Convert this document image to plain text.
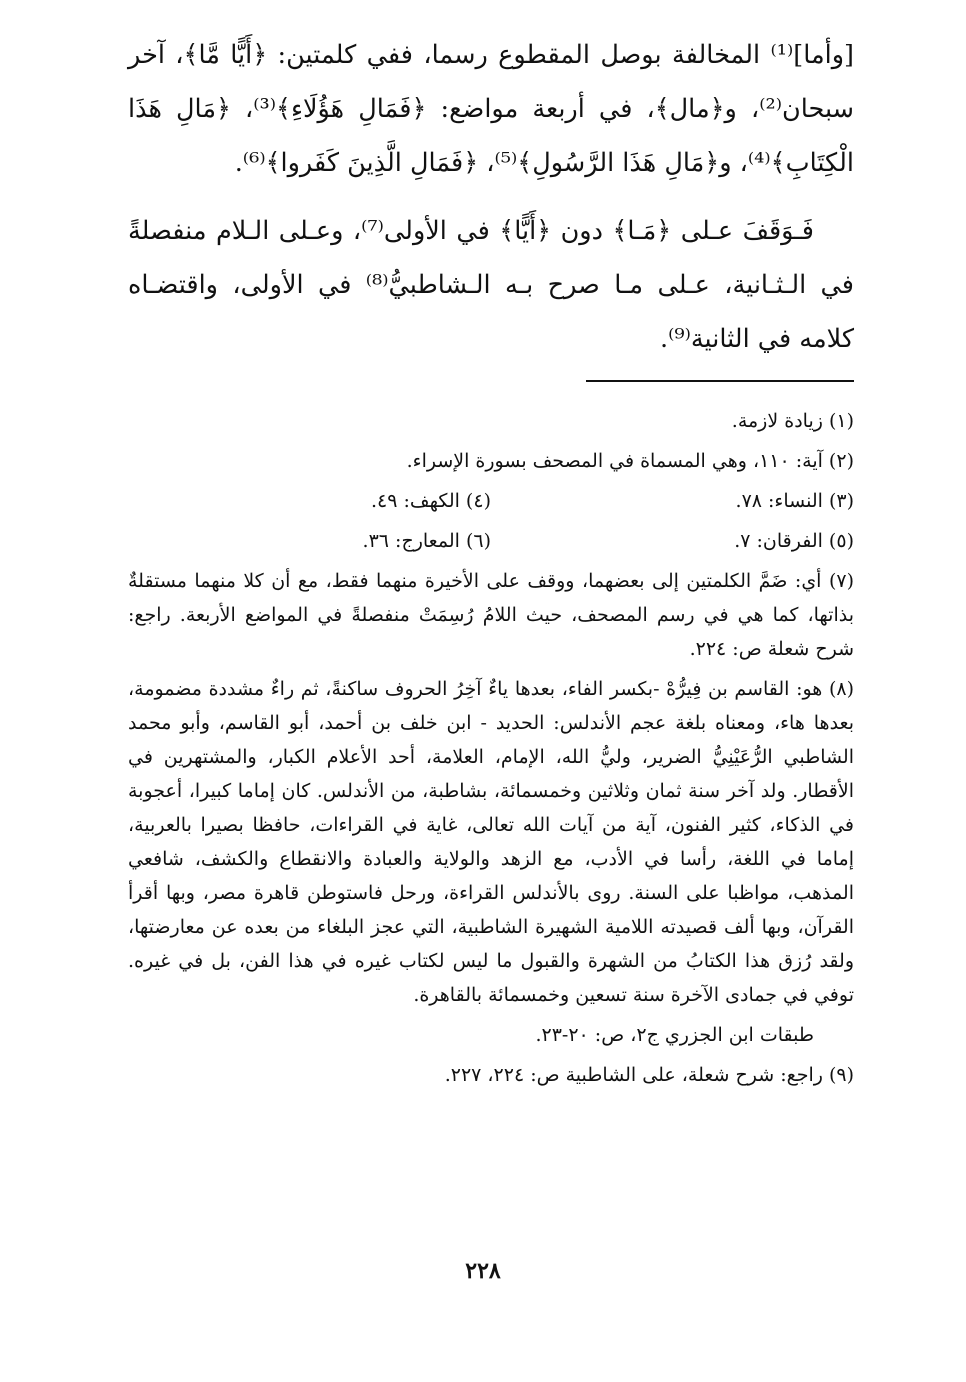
[وأما]⁽¹⁾ المخالفة بوصل المقطوع رسما، ففي كلمتين: ﴿أَيًّا مَّا﴾، آخر سبحان⁽²⁾، و﴿مال﴾، في أربعة مواضع: ﴿فَمَالِ هَؤُلَاءِ﴾⁽³⁾، ﴿مَالِ هَذَا الْكِتَابِ﴾⁽⁴⁾، و﴿مَالِ هَذَا الرَّسُولِ﴾⁽⁵⁾، ﴿فَمَالِ الَّذِينَ كَفَروا﴾⁽⁶⁾.

فَـوَقَفَ عـلى ﴿مَـا﴾ دون ﴿أَيًّا﴾ في الأولى⁽⁷⁾، وعـلى الـلام منفصلةً في الـثـانية، عـلى مـا صرح بـه الـشاطبيُّ⁽⁸⁾ في الأولى، واقتضـاه كلامه في الثانية⁽⁹⁾.

(١) زيادة لازمة.
(٢) آية: ١١٠، وهي المسماة في المصحف بسورة الإسراء.
(٣) النساء: ٧٨.
(٤) الكهف: ٤٩.
(٥) الفرقان: ٧.
(٦) المعارج: ٣٦.
(٧) أي: ضَمَّ الكلمتين إلى بعضهما، ووقف على الأخيرة منهما فقط، مع أن كلا منهما مستقلةٌ بذاتها، كما هي في رسم المصحف، حيث اللامُ رُسِمَتْ منفصلةً في المواضع الأربعة. راجع: شرح شعلة ص: ٢٢٤.
(٨) هو: القاسم بن فِيرُّهْ -بكسر الفاء، بعدها ياءٌ آخِرُ الحروف ساكنةً، ثم راءٌ مشددة مضمومة، بعدها هاء، ومعناه بلغة عجم الأندلس: الحديد - ابن خلف بن أحمد، أبو القاسم، وأبو محمد الشاطبي الرُّعَيْنِيُّ الضرير، وليُّ الله، الإمام، العلامة، أحد الأعلام الكبار، والمشتهرين في الأقطار. ولد آخر سنة ثمان وثلاثين وخمسمائة، بشاطبة، من الأندلس. كان إماما كبيرا، أعجوبة في الذكاء، كثير الفنون، آية من آيات الله تعالى، غاية في القراءات، حافظا بصيرا بالعربية، إماما في اللغة، رأسا في الأدب، مع الزهد والولاية والعبادة والانقطاع والكشف، شافعي المذهب، مواظبا على السنة. روى بالأندلس القراءة، ورحل فاستوطن قاهرة مصر، وبها أقرأ القرآن، وبها ألف قصيدته اللامية الشهيرة الشاطبية، التي عجز البلغاء من بعده عن معارضتها، ولقد رُزق هذا الكتابُ من الشهرة والقبول ما ليس لكتاب غيره في هذا الفن، بل في غيره. توفي في جمادى الآخرة سنة تسعين وخمسمائة بالقاهرة.
طبقات ابن الجزري ج٢، ص: ٢٠-٢٣.
(٩) راجع: شرح شعلة، على الشاطبية ص: ٢٢٤، ٢٢٧.
٢٢٨
